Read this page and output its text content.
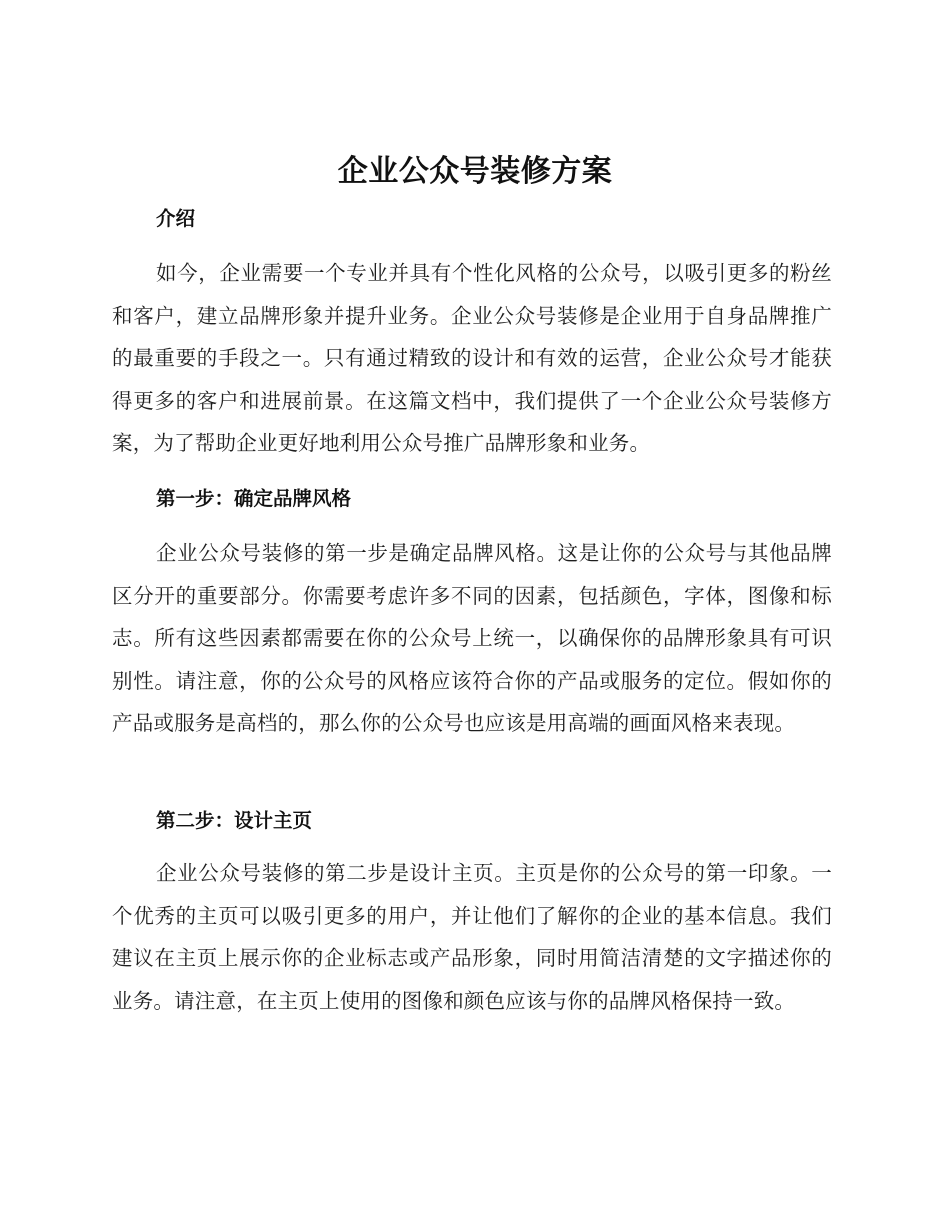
企业公众号装修方案
介绍

如今，企业需要一个专业并具有个性化风格的公众号，以吸引更多的粉丝和客户，建立品牌形象并提升业务。企业公众号装修是企业用于自身品牌推广的最重要的手段之一。只有通过精致的设计和有效的运营，企业公众号才能获得更多的客户和进展前景。在这篇文档中，我们提供了一个企业公众号装修方案，为了帮助企业更好地利用公众号推广品牌形象和业务。

第一步：确定品牌风格

企业公众号装修的第一步是确定品牌风格。这是让你的公众号与其他品牌区分开的重要部分。你需要考虑许多不同的因素，包括颜色，字体，图像和标志。所有这些因素都需要在你的公众号上统一，以确保你的品牌形象具有可识别性。请注意，你的公众号的风格应该符合你的产品或服务的定位。假如你的产品或服务是高档的，那么你的公众号也应该是用高端的画面风格来表现。

第二步：设计主页

企业公众号装修的第二步是设计主页。主页是你的公众号的第一印象。一个优秀的主页可以吸引更多的用户，并让他们了解你的企业的基本信息。我们建议在主页上展示你的企业标志或产品形象，同时用简洁清楚的文字描述你的业务。请注意，在主页上使用的图像和颜色应该与你的品牌风格保持一致。
